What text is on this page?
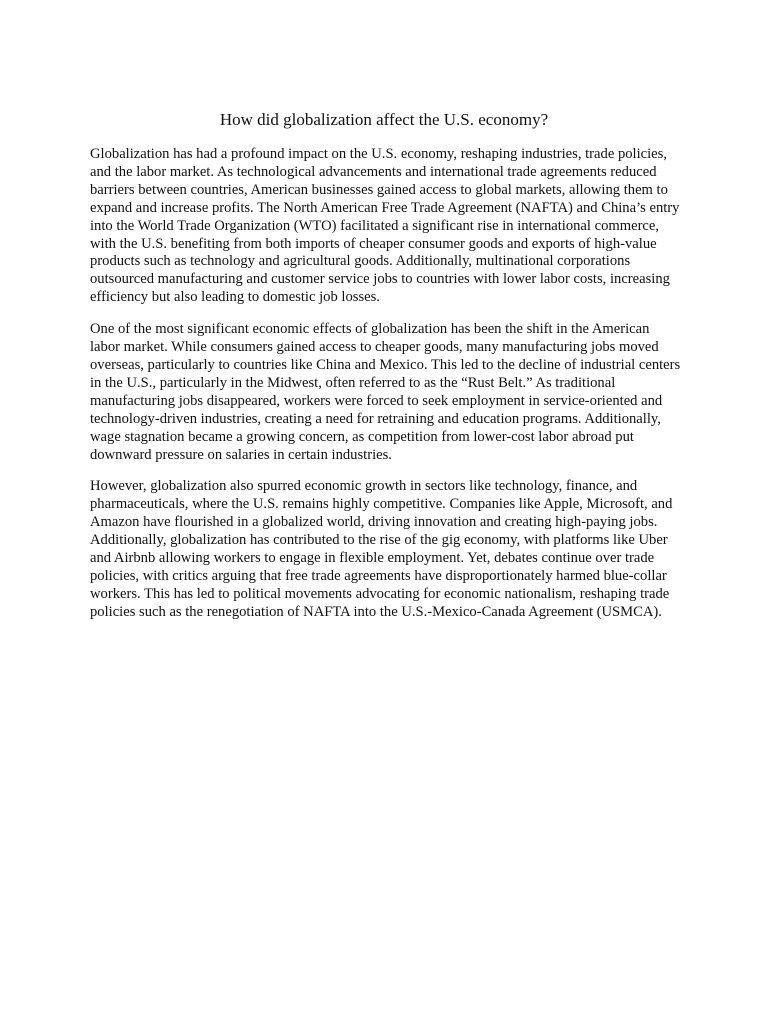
How did globalization affect the U.S. economy?

Globalization has had a profound impact on the U.S. economy, reshaping industries, trade policies, and the labor market. As technological advancements and international trade agreements reduced barriers between countries, American businesses gained access to global markets, allowing them to expand and increase profits. The North American Free Trade Agreement (NAFTA) and China’s entry into the World Trade Organization (WTO) facilitated a significant rise in international commerce, with the U.S. benefiting from both imports of cheaper consumer goods and exports of high-value products such as technology and agricultural goods. Additionally, multinational corporations outsourced manufacturing and customer service jobs to countries with lower labor costs, increasing efficiency but also leading to domestic job losses.

One of the most significant economic effects of globalization has been the shift in the American labor market. While consumers gained access to cheaper goods, many manufacturing jobs moved overseas, particularly to countries like China and Mexico. This led to the decline of industrial centers in the U.S., particularly in the Midwest, often referred to as the “Rust Belt.” As traditional manufacturing jobs disappeared, workers were forced to seek employment in service-oriented and technology-driven industries, creating a need for retraining and education programs. Additionally, wage stagnation became a growing concern, as competition from lower-cost labor abroad put downward pressure on salaries in certain industries.

However, globalization also spurred economic growth in sectors like technology, finance, and pharmaceuticals, where the U.S. remains highly competitive. Companies like Apple, Microsoft, and Amazon have flourished in a globalized world, driving innovation and creating high-paying jobs. Additionally, globalization has contributed to the rise of the gig economy, with platforms like Uber and Airbnb allowing workers to engage in flexible employment. Yet, debates continue over trade policies, with critics arguing that free trade agreements have disproportionately harmed blue-collar workers. This has led to political movements advocating for economic nationalism, reshaping trade policies such as the renegotiation of NAFTA into the U.S.-Mexico-Canada Agreement (USMCA).
